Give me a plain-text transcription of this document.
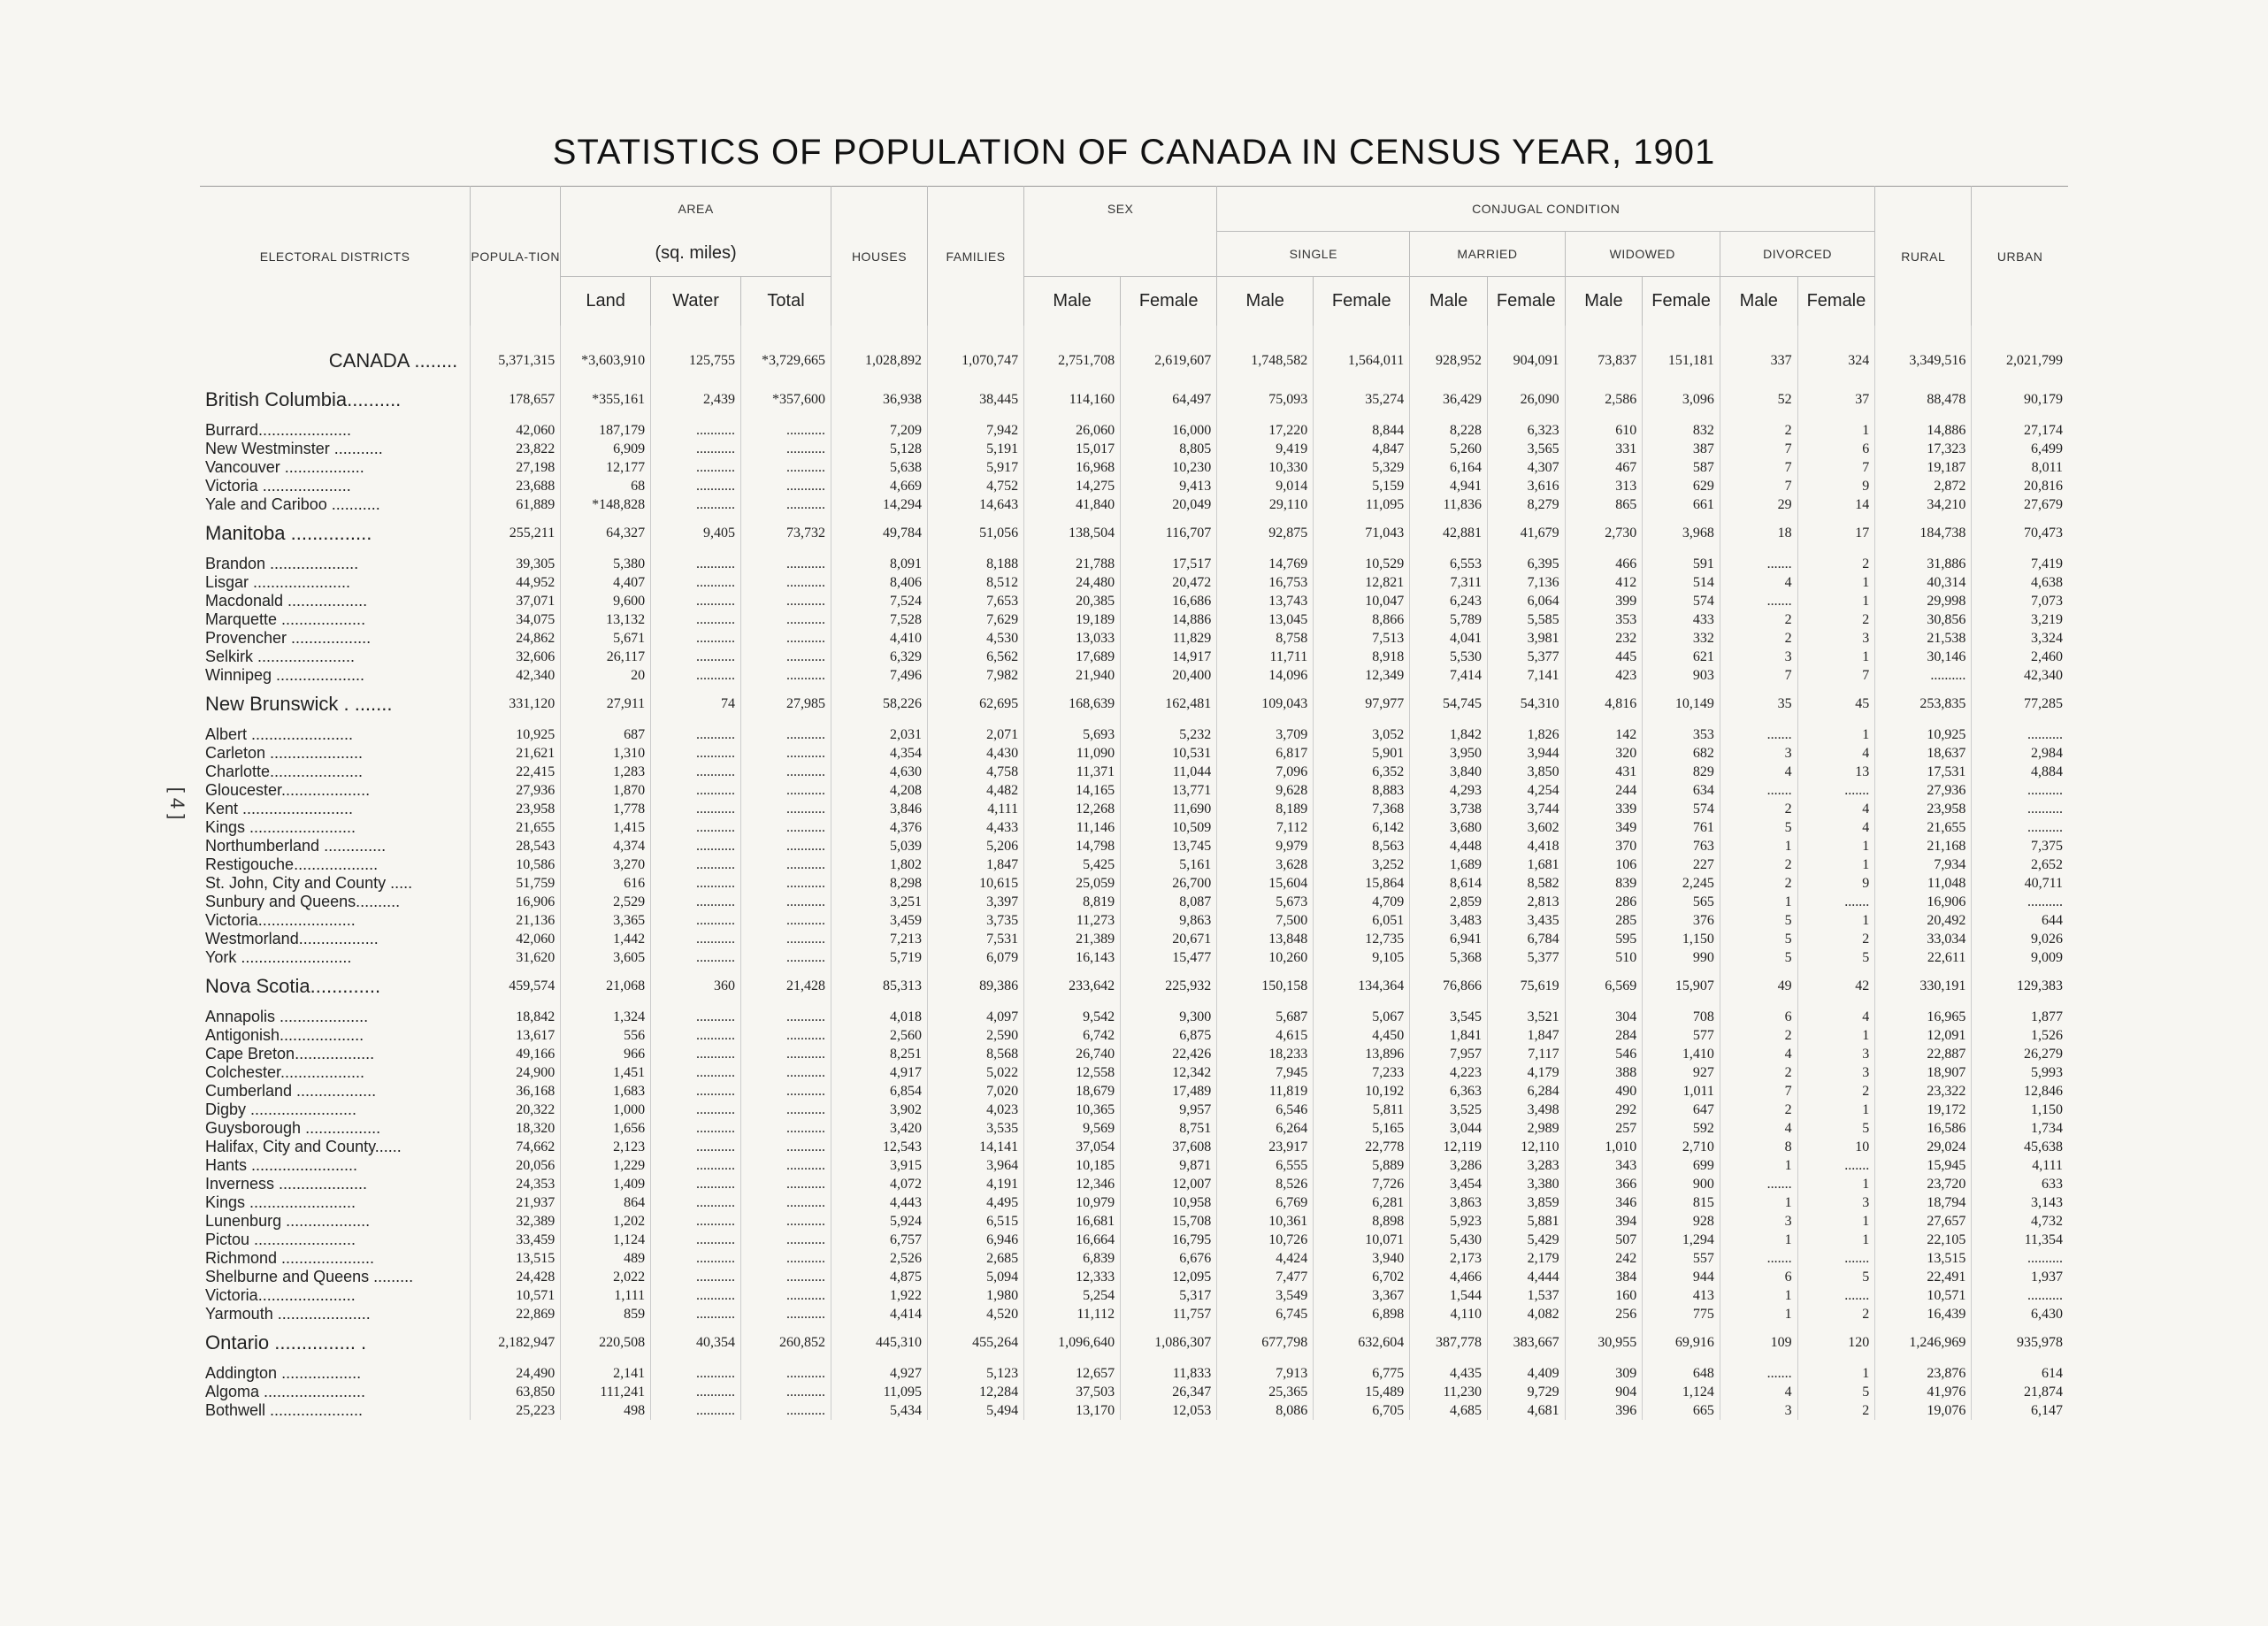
STATISTICS OF POPULATION OF CANADA IN CENSUS YEAR, 1901
[ 4 ]
ELECTORAL DISTRICTS	POPULA-TION	AREA			HOUSES	FAMILIES	SEX		CONJUGAL CONDITION								RURAL	URBAN
		(sq. miles)							SINGLE		MARRIED		WIDOWED		DIVORCED			
		Land	Water	Total			Male	Female	Male	Female	Male	Female	Male	Female	Male	Female		

CANADA ........	5,371,315	*3,603,910	125,755	*3,729,665	1,028,892	1,070,747	2,751,708	2,619,607	1,748,582	1,564,011	928,952	904,091	73,837	151,181	337	324	3,349,516	2,021,799
British Columbia..........	178,657	*355,161	2,439	*357,600	36,938	38,445	114,160	64,497	75,093	35,274	36,429	26,090	2,586	3,096	52	37	88,478	90,179

Burrard.....................	42,060	187,179	...........	...........	7,209	7,942	26,060	16,000	17,220	8,844	8,228	6,323	610	832	2	1	14,886	27,174
New Westminster ...........	23,822	6,909	...........	...........	5,128	5,191	15,017	8,805	9,419	4,847	5,260	3,565	331	387	7	6	17,323	6,499
Vancouver ..................	27,198	12,177	...........	...........	5,638	5,917	16,968	10,230	10,330	5,329	6,164	4,307	467	587	7	7	19,187	8,011
Victoria ....................	23,688	68	...........	...........	4,669	4,752	14,275	9,413	9,014	5,159	4,941	3,616	313	629	7	9	2,872	20,816
Yale and Cariboo ...........	61,889	*148,828	...........	...........	14,294	14,643	41,840	20,049	29,110	11,095	11,836	8,279	865	661	29	14	34,210	27,679
Manitoba ...............	255,211	64,327	9,405	73,732	49,784	51,056	138,504	116,707	92,875	71,043	42,881	41,679	2,730	3,968	18	17	184,738	70,473

Brandon ....................	39,305	5,380	...........	...........	8,091	8,188	21,788	17,517	14,769	10,529	6,553	6,395	466	591	.......	2	31,886	7,419
Lisgar ......................	44,952	4,407	...........	...........	8,406	8,512	24,480	20,472	16,753	12,821	7,311	7,136	412	514	4	1	40,314	4,638
Macdonald ..................	37,071	9,600	...........	...........	7,524	7,653	20,385	16,686	13,743	10,047	6,243	6,064	399	574	.......	1	29,998	7,073
Marquette ...................	34,075	13,132	...........	...........	7,528	7,629	19,189	14,886	13,045	8,866	5,789	5,585	353	433	2	2	30,856	3,219
Provencher ..................	24,862	5,671	...........	...........	4,410	4,530	13,033	11,829	8,758	7,513	4,041	3,981	232	332	2	3	21,538	3,324
Selkirk ......................	32,606	26,117	...........	...........	6,329	6,562	17,689	14,917	11,711	8,918	5,530	5,377	445	621	3	1	30,146	2,460
Winnipeg ....................	42,340	20	...........	...........	7,496	7,982	21,940	20,400	14,096	12,349	7,414	7,141	423	903	7	7	..........	42,340
New Brunswick . .......	331,120	27,911	74	27,985	58,226	62,695	168,639	162,481	109,043	97,977	54,745	54,310	4,816	10,149	35	45	253,835	77,285

Albert .......................	10,925	687	...........	...........	2,031	2,071	5,693	5,232	3,709	3,052	1,842	1,826	142	353	.......	1	10,925	..........
Carleton .....................	21,621	1,310	...........	...........	4,354	4,430	11,090	10,531	6,817	5,901	3,950	3,944	320	682	3	4	18,637	2,984
Charlotte.....................	22,415	1,283	...........	...........	4,630	4,758	11,371	11,044	7,096	6,352	3,840	3,850	431	829	4	13	17,531	4,884
Gloucester....................	27,936	1,870	...........	...........	4,208	4,482	14,165	13,771	9,628	8,883	4,293	4,254	244	634	.......	.......	27,936	..........
Kent .........................	23,958	1,778	...........	...........	3,846	4,111	12,268	11,690	8,189	7,368	3,738	3,744	339	574	2	4	23,958	..........
Kings ........................	21,655	1,415	...........	...........	4,376	4,433	11,146	10,509	7,112	6,142	3,680	3,602	349	761	5	4	21,655	..........
Northumberland ..............	28,543	4,374	...........	...........	5,039	5,206	14,798	13,745	9,979	8,563	4,448	4,418	370	763	1	1	21,168	7,375
Restigouche...................	10,586	3,270	...........	...........	1,802	1,847	5,425	5,161	3,628	3,252	1,689	1,681	106	227	2	1	7,934	2,652
St. John, City and County .....	51,759	616	...........	...........	8,298	10,615	25,059	26,700	15,604	15,864	8,614	8,582	839	2,245	2	9	11,048	40,711
Sunbury and Queens..........	16,906	2,529	...........	...........	3,251	3,397	8,819	8,087	5,673	4,709	2,859	2,813	286	565	1	.......	16,906	..........
Victoria......................	21,136	3,365	...........	...........	3,459	3,735	11,273	9,863	7,500	6,051	3,483	3,435	285	376	5	1	20,492	644
Westmorland..................	42,060	1,442	...........	...........	7,213	7,531	21,389	20,671	13,848	12,735	6,941	6,784	595	1,150	5	2	33,034	9,026
York .........................	31,620	3,605	...........	...........	5,719	6,079	16,143	15,477	10,260	9,105	5,368	5,377	510	990	5	5	22,611	9,009
Nova Scotia.............	459,574	21,068	360	21,428	85,313	89,386	233,642	225,932	150,158	134,364	76,866	75,619	6,569	15,907	49	42	330,191	129,383

Annapolis ....................	18,842	1,324	...........	...........	4,018	4,097	9,542	9,300	5,687	5,067	3,545	3,521	304	708	6	4	16,965	1,877
Antigonish...................	13,617	556	...........	...........	2,560	2,590	6,742	6,875	4,615	4,450	1,841	1,847	284	577	2	1	12,091	1,526
Cape Breton..................	49,166	966	...........	...........	8,251	8,568	26,740	22,426	18,233	13,896	7,957	7,117	546	1,410	4	3	22,887	26,279
Colchester...................	24,900	1,451	...........	...........	4,917	5,022	12,558	12,342	7,945	7,233	4,223	4,179	388	927	2	3	18,907	5,993
Cumberland ..................	36,168	1,683	...........	...........	6,854	7,020	18,679	17,489	11,819	10,192	6,363	6,284	490	1,011	7	2	23,322	12,846
Digby ........................	20,322	1,000	...........	...........	3,902	4,023	10,365	9,957	6,546	5,811	3,525	3,498	292	647	2	1	19,172	1,150
Guysborough .................	18,320	1,656	...........	...........	3,420	3,535	9,569	8,751	6,264	5,165	3,044	2,989	257	592	4	5	16,586	1,734
Halifax, City and County......	74,662	2,123	...........	...........	12,543	14,141	37,054	37,608	23,917	22,778	12,119	12,110	1,010	2,710	8	10	29,024	45,638
Hants ........................	20,056	1,229	...........	...........	3,915	3,964	10,185	9,871	6,555	5,889	3,286	3,283	343	699	1	.......	15,945	4,111
Inverness ....................	24,353	1,409	...........	...........	4,072	4,191	12,346	12,007	8,526	7,726	3,454	3,380	366	900	.......	1	23,720	633
Kings ........................	21,937	864	...........	...........	4,443	4,495	10,979	10,958	6,769	6,281	3,863	3,859	346	815	1	3	18,794	3,143
Lunenburg ...................	32,389	1,202	...........	...........	5,924	6,515	16,681	15,708	10,361	8,898	5,923	5,881	394	928	3	1	27,657	4,732
Pictou .......................	33,459	1,124	...........	...........	6,757	6,946	16,664	16,795	10,726	10,071	5,430	5,429	507	1,294	1	1	22,105	11,354
Richmond .....................	13,515	489	...........	...........	2,526	2,685	6,839	6,676	4,424	3,940	2,173	2,179	242	557	.......	.......	13,515	..........
Shelburne and Queens .........	24,428	2,022	...........	...........	4,875	5,094	12,333	12,095	7,477	6,702	4,466	4,444	384	944	6	5	22,491	1,937
Victoria......................	10,571	1,111	...........	...........	1,922	1,980	5,254	5,317	3,549	3,367	1,544	1,537	160	413	1	.......	10,571	..........
Yarmouth .....................	22,869	859	...........	...........	4,414	4,520	11,112	11,757	6,745	6,898	4,110	4,082	256	775	1	2	16,439	6,430
Ontario ............... .	2,182,947	220,508	40,354	260,852	445,310	455,264	1,096,640	1,086,307	677,798	632,604	387,778	383,667	30,955	69,916	109	120	1,246,969	935,978

Addington ..................	24,490	2,141	...........	...........	4,927	5,123	12,657	11,833	7,913	6,775	4,435	4,409	309	648	.......	1	23,876	614
Algoma .......................	63,850	111,241	...........	...........	11,095	12,284	37,503	26,347	25,365	15,489	11,230	9,729	904	1,124	4	5	41,976	21,874
Bothwell .....................	25,223	498	...........	...........	5,434	5,494	13,170	12,053	8,086	6,705	4,685	4,681	396	665	3	2	19,076	6,147
